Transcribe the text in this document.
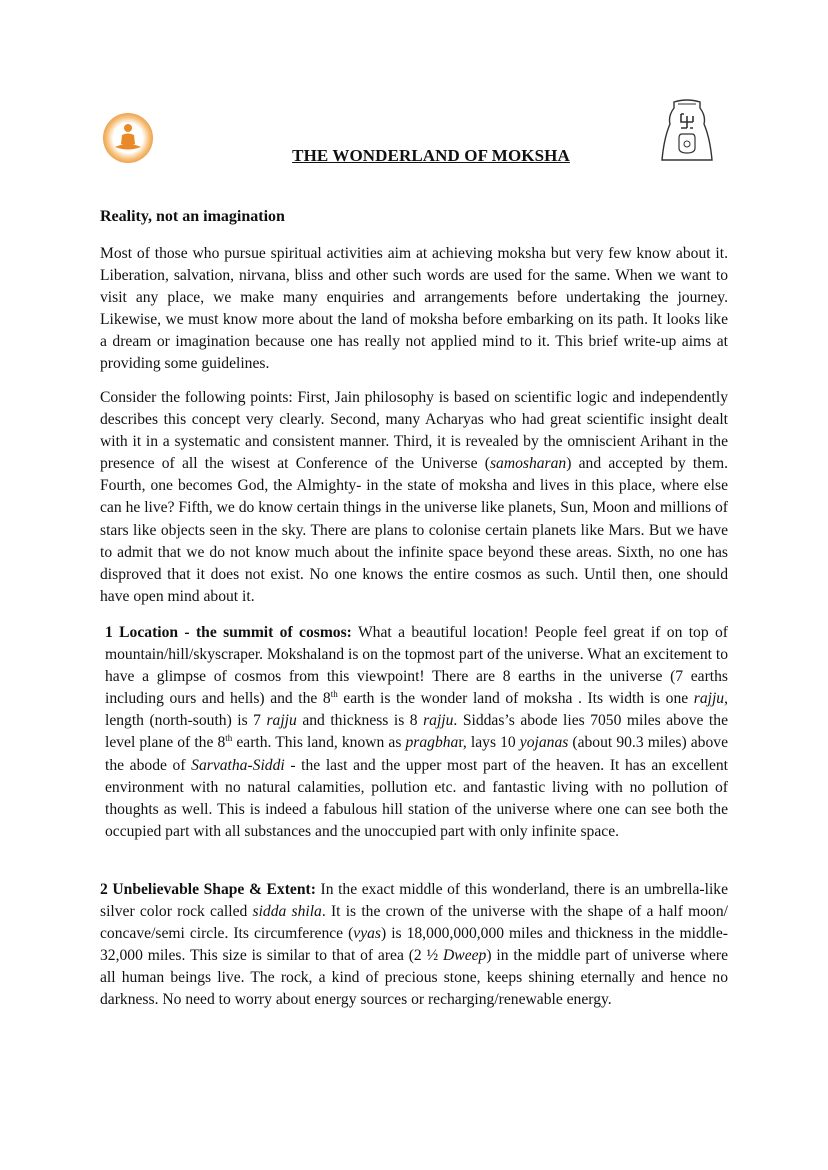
THE WONDERLAND OF MOKSHA
Reality, not an imagination

Most of those who pursue spiritual activities aim at achieving moksha but very few know about it. Liberation, salvation, nirvana, bliss and other such words are used for the same. When we want to visit any place, we make many enquiries and arrangements before undertaking the journey. Likewise, we must know more about the land of moksha before embarking on its path. It looks like a dream or imagination because one has really not applied mind to it. This brief write-up aims at providing some guidelines.

Consider the following points: First, Jain philosophy is based on scientific logic and independently describes this concept very clearly. Second, many Acharyas who had great scientific insight dealt with it in a systematic and consistent manner. Third, it is revealed by the omniscient Arihant in the presence of all the wisest at Conference of the Universe (samosharan) and accepted by them. Fourth, one becomes God, the Almighty- in the state of moksha and lives in this place, where else can he live? Fifth, we do know certain things in the universe like planets, Sun, Moon and millions of stars like objects seen in the sky. There are plans to colonise certain planets like Mars. But we have to admit that we do not know much about the infinite space beyond these areas. Sixth, no one has disproved that it does not exist. No one knows the entire cosmos as such. Until then, one should have open mind about it.

1 Location - the summit of cosmos: What a beautiful location! People feel great if on top of mountain/hill/skyscraper. Mokshaland is on the topmost part of the universe. What an excitement to have a glimpse of cosmos from this viewpoint! There are 8 earths in the universe (7 earths including ours and hells) and the 8th earth is the wonder land of moksha . Its width is one rajju, length (north-south) is 7 rajju and thickness is 8 rajju. Siddas’s abode lies 7050 miles above the level plane of the 8th earth. This land, known as pragbhar, lays 10 yojanas (about 90.3 miles) above the abode of Sarvatha-Siddi - the last and the upper most part of the heaven. It has an excellent environment with no natural calamities, pollution etc. and fantastic living with no pollution of thoughts as well. This is indeed a fabulous hill station of the universe where one can see both the occupied part with all substances and the unoccupied part with only infinite space.

2 Unbelievable Shape & Extent: In the exact middle of this wonderland, there is an umbrella-like silver color rock called sidda shila. It is the crown of the universe with the shape of a half moon/ concave/semi circle. Its circumference (vyas) is 18,000,000,000 miles and thickness in the middle-32,000 miles. This size is similar to that of area (2 ½ Dweep) in the middle part of universe where all human beings live. The rock, a kind of precious stone, keeps shining eternally and hence no darkness. No need to worry about energy sources or recharging/renewable energy.
